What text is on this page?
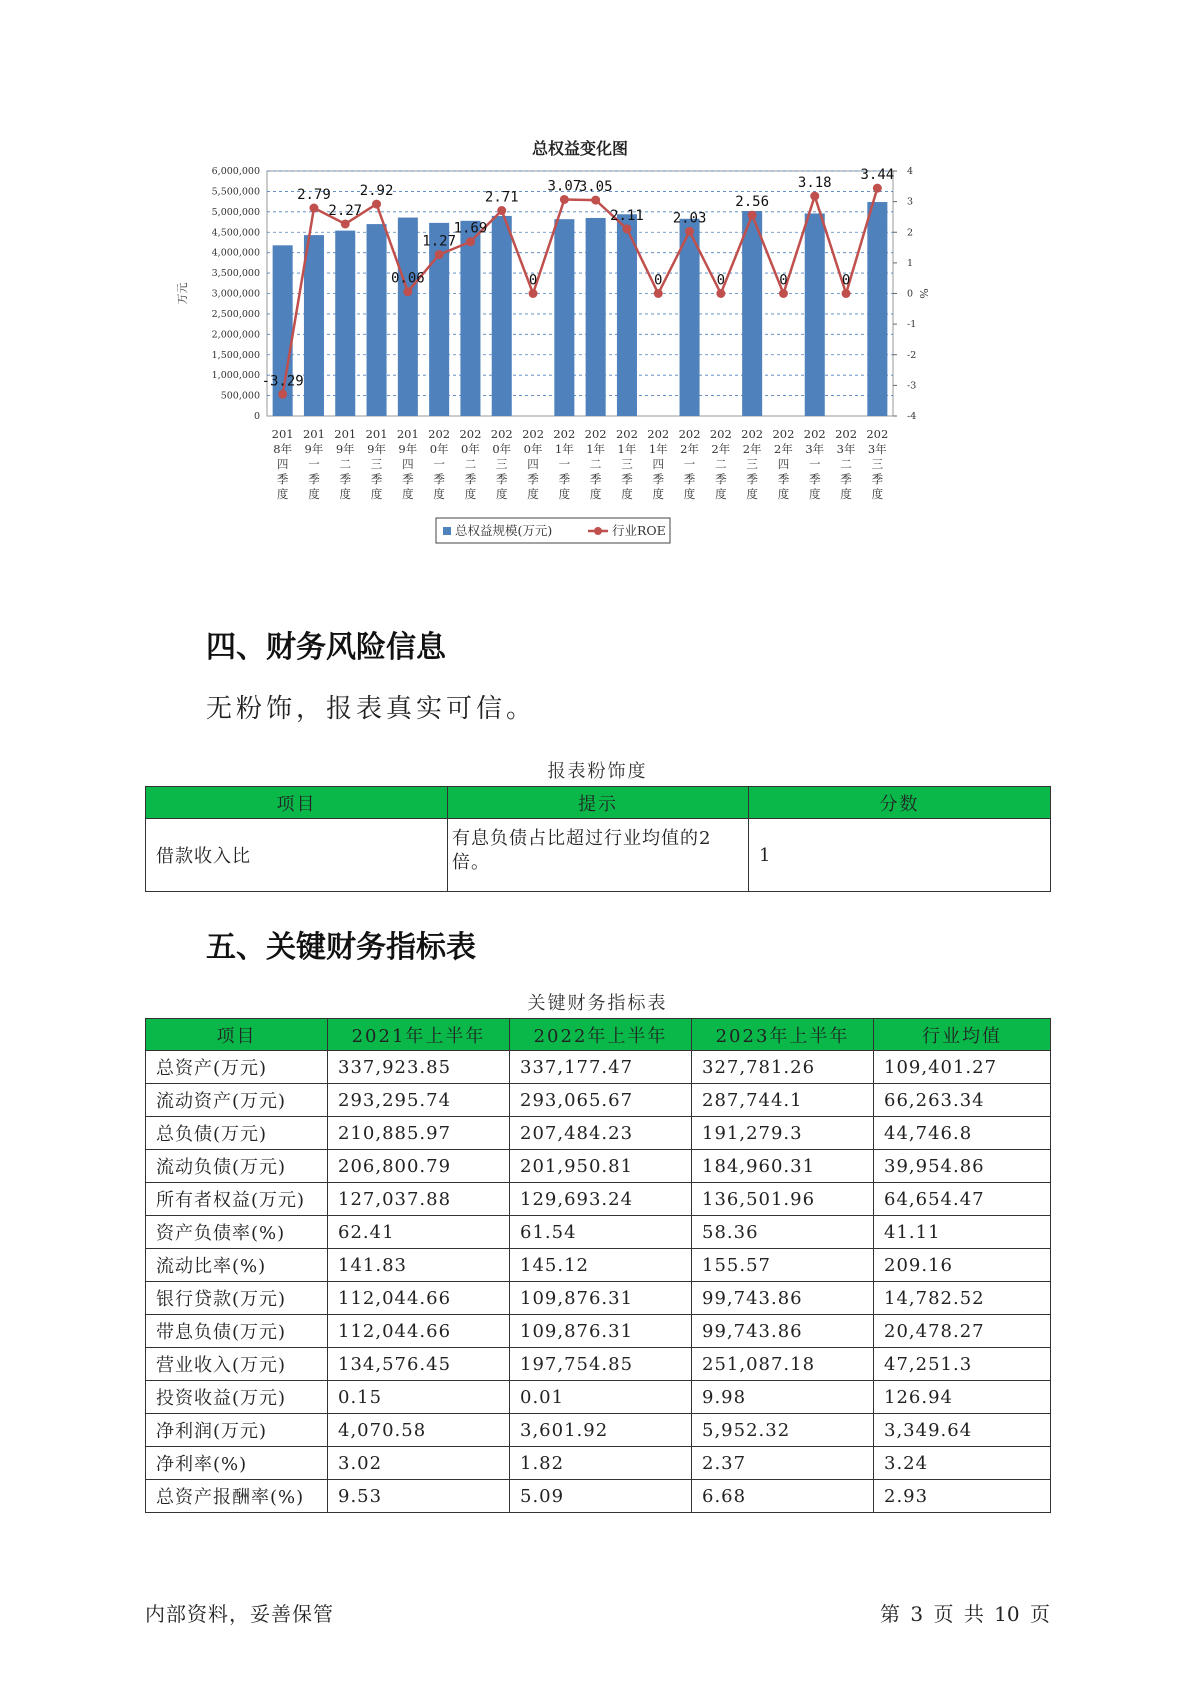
总权益变化图
0
500,000
1,000,000
1,500,000
2,000,000
2,500,000
3,000,000
3,500,000
4,000,000
4,500,000
5,000,000
5,500,000
6,000,000
-4
-3
-2
-1
0
1
2
3
4
万元	%
-3.29
2.79
2.27
2.92
0.06
1.27
1.69
2.71
0
3.07
3.05
2.11
0
2.03
0
2.56
0
3.18
0
3.44
201
8年
四
季
度
201
9年
一
季
度
201
9年
二
季
度
201
9年
三
季
度
201
9年
四
季
度
202
0年
一
季
度
202
0年
二
季
度
202
0年
三
季
度
202
0年
四
季
度
202
1年
一
季
度
202
1年
二
季
度
202
1年
三
季
度
202
1年
四
季
度
202
2年
一
季
度
202
2年
二
季
度
202
2年
三
季
度
202
2年
四
季
度
202
3年
一
季
度
202
3年
二
季
度
202
3年
三
季
度
总权益规模(万元)	行业ROE
四、财务风险信息
无粉饰，报表真实可信。
报表粉饰度
项目	提示	分数
借款收入比	有息负债占比超过行业均值的2倍。	1
五、关键财务指标表
关键财务指标表
项目	2021年上半年	2022年上半年	2023年上半年	行业均值
总资产(万元)	337,923.85	337,177.47	327,781.26	109,401.27
流动资产(万元)	293,295.74	293,065.67	287,744.1	66,263.34
总负债(万元)	210,885.97	207,484.23	191,279.3	44,746.8
流动负债(万元)	206,800.79	201,950.81	184,960.31	39,954.86
所有者权益(万元)	127,037.88	129,693.24	136,501.96	64,654.47
资产负债率(%)	62.41	61.54	58.36	41.11
流动比率(%)	141.83	145.12	155.57	209.16
银行贷款(万元)	112,044.66	109,876.31	99,743.86	14,782.52
带息负债(万元)	112,044.66	109,876.31	99,743.86	20,478.27
营业收入(万元)	134,576.45	197,754.85	251,087.18	47,251.3
投资收益(万元)	0.15	0.01	9.98	126.94
净利润(万元)	4,070.58	3,601.92	5,952.32	3,349.64
净利率(%)	3.02	1.82	2.37	3.24
总资产报酬率(%)	9.53	5.09	6.68	2.93
内部资料，妥善保管	第 3 页 共 10 页
